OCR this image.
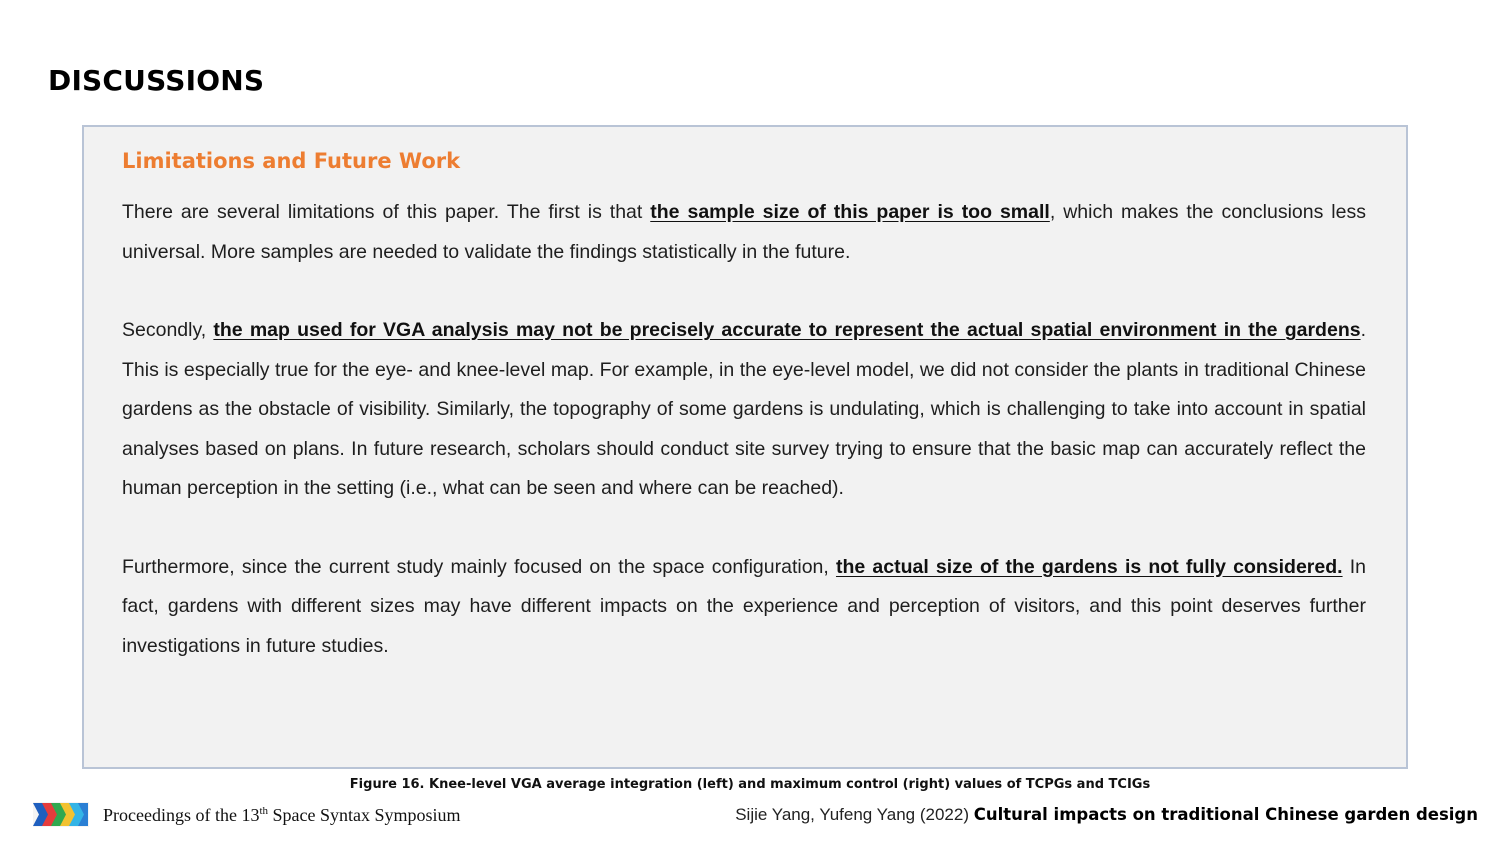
DISCUSSIONS
Limitations and Future Work

There are several limitations of this paper. The first is that the sample size of this paper is too small, which makes the conclusions less universal. More samples are needed to validate the findings statistically in the future.

Secondly, the map used for VGA analysis may not be precisely accurate to represent the actual spatial environment in the gardens. This is especially true for the eye- and knee-level map. For example, in the eye-level model, we did not consider the plants in traditional Chinese gardens as the obstacle of visibility. Similarly, the topography of some gardens is undulating, which is challenging to take into account in spatial analyses based on plans. In future research, scholars should conduct site survey trying to ensure that the basic map can accurately reflect the human perception in the setting (i.e., what can be seen and where can be reached).

Furthermore, since the current study mainly focused on the space configuration, the actual size of the gardens is not fully considered. In fact, gardens with different sizes may have different impacts on the experience and perception of visitors, and this point deserves further investigations in future studies.

Figure 16. Knee-level VGA average integration (left) and maximum control (right) values of TCPGs and TCIGs
Proceedings of the 13th Space Syntax Symposium	Sijie Yang, Yufeng Yang (2022) Cultural impacts on traditional Chinese garden design
